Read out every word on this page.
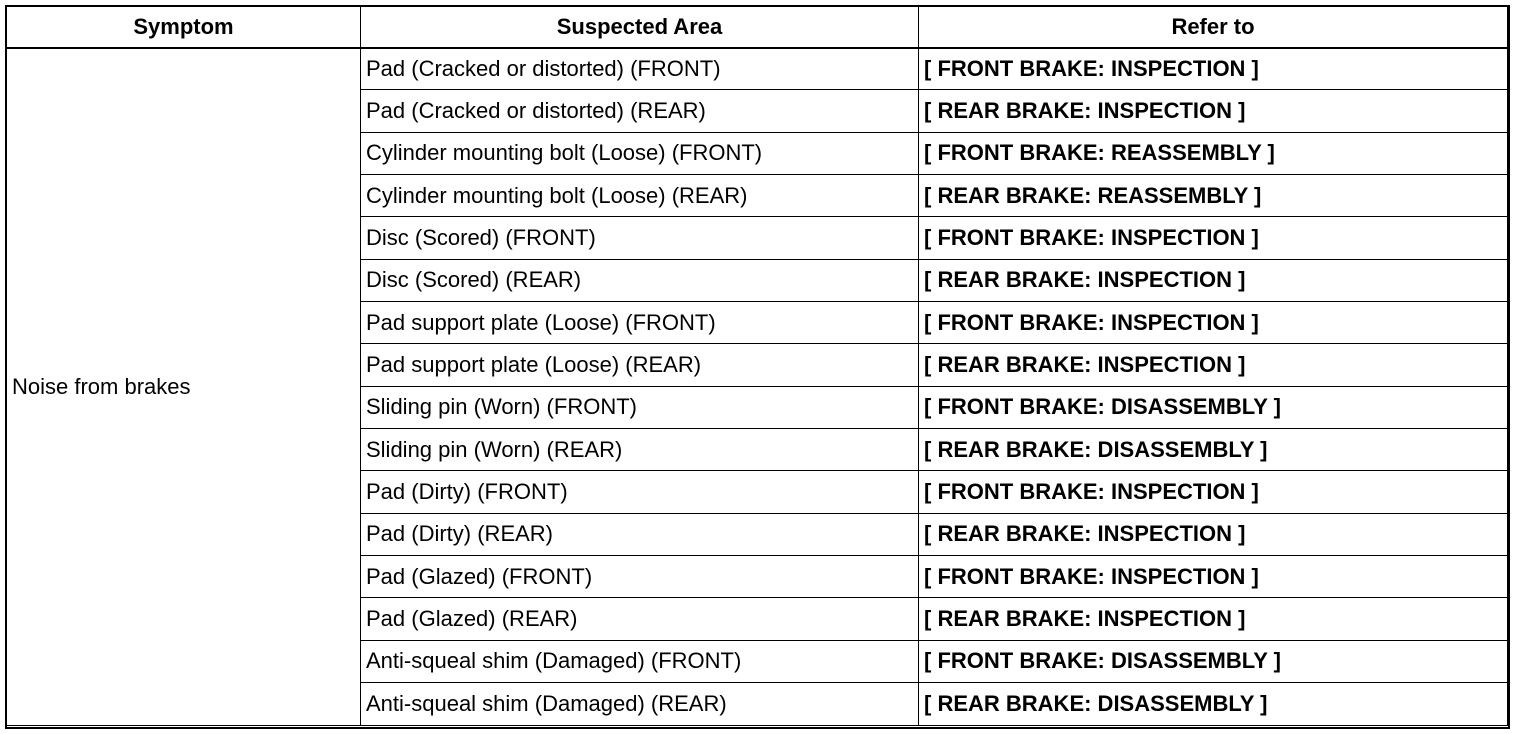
Symptom	Suspected Area	Refer to
Noise from brakes	Pad (Cracked or distorted) (FRONT)	[ FRONT BRAKE: INSPECTION ]
	Pad (Cracked or distorted) (REAR)	[ REAR BRAKE: INSPECTION ]
	Cylinder mounting bolt (Loose) (FRONT)	[ FRONT BRAKE: REASSEMBLY ]
	Cylinder mounting bolt (Loose) (REAR)	[ REAR BRAKE: REASSEMBLY ]
	Disc (Scored) (FRONT)	[ FRONT BRAKE: INSPECTION ]
	Disc (Scored) (REAR)	[ REAR BRAKE: INSPECTION ]
	Pad support plate (Loose) (FRONT)	[ FRONT BRAKE: INSPECTION ]
	Pad support plate (Loose) (REAR)	[ REAR BRAKE: INSPECTION ]
	Sliding pin (Worn) (FRONT)	[ FRONT BRAKE: DISASSEMBLY ]
	Sliding pin (Worn) (REAR)	[ REAR BRAKE: DISASSEMBLY ]
	Pad (Dirty) (FRONT)	[ FRONT BRAKE: INSPECTION ]
	Pad (Dirty) (REAR)	[ REAR BRAKE: INSPECTION ]
	Pad (Glazed) (FRONT)	[ FRONT BRAKE: INSPECTION ]
	Pad (Glazed) (REAR)	[ REAR BRAKE: INSPECTION ]
	Anti-squeal shim (Damaged) (FRONT)	[ FRONT BRAKE: DISASSEMBLY ]
	Anti-squeal shim (Damaged) (REAR)	[ REAR BRAKE: DISASSEMBLY ]
